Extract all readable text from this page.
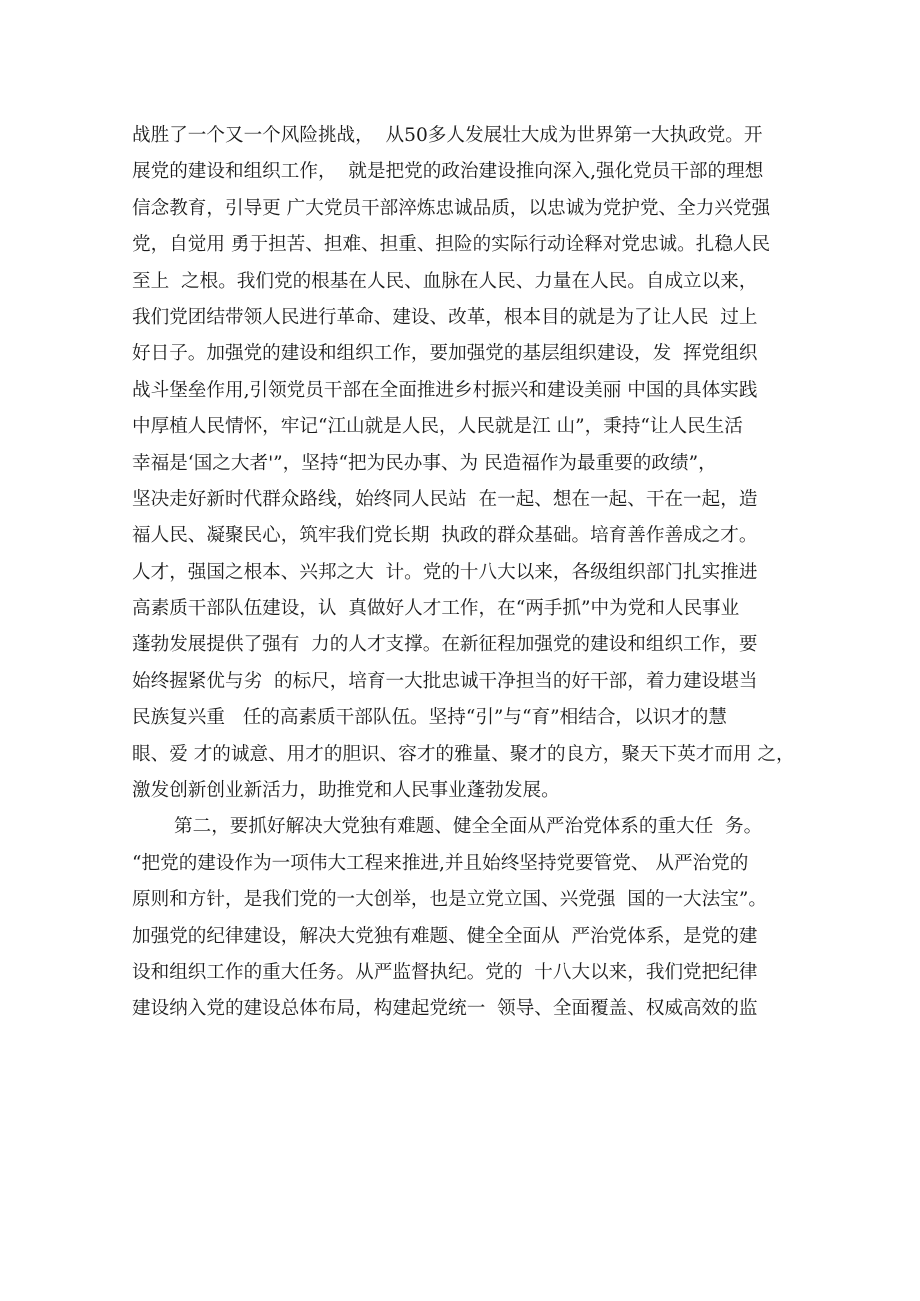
战胜了一个又一个风险挑战，  从50多人发展壮大成为世界第一大执政党。开
展党的建设和组织工作，  就是把党的政治建设推向深入,强化党员干部的理想
信念教育，引导更 广大党员干部淬炼忠诚品质，以忠诚为党护党、全力兴党强
党，自觉用 勇于担苦、担难、担重、担险的实际行动诠释对党忠诚。扎稳人民
至上  之根。我们党的根基在人民、血脉在人民、力量在人民。自成立以来，
我们党团结带领人民进行革命、建设、改革，根本目的就是为了让人民  过上
好日子。加强党的建设和组织工作，要加强党的基层组织建设，发  挥党组织
战斗堡垒作用,引领党员干部在全面推进乡村振兴和建设美丽 中国的具体实践
中厚植人民情怀，牢记“江山就是人民，人民就是江 山”，秉持“让人民生活
幸福是‘国之大者'”，坚持“把为民办事、为 民造福作为最重要的政绩”，
坚决走好新时代群众路线，始终同人民站  在一起、想在一起、干在一起，造
福人民、凝聚民心，筑牢我们党长期  执政的群众基础。培育善作善成之才。
人才，强国之根本、兴邦之大  计。党的十八大以来，各级组织部门扎实推进
高素质干部队伍建设，认  真做好人才工作，在“两手抓”中为党和人民事业
蓬勃发展提供了强有  力的人才支撑。在新征程加强党的建设和组织工作，要
始终握紧优与劣  的标尺，培育一大批忠诚干净担当的好干部，着力建设堪当
民族复兴重   任的高素质干部队伍。坚持“引”与“育”相结合，以识才的慧
眼、爱 才的诚意、用才的胆识、容才的雅量、聚才的良方，聚天下英才而用 之，
激发创新创业新活力，助推党和人民事业蓬勃发展。
第二，要抓好解决大党独有难题、健全全面从严治党体系的重大任  务。
“把党的建设作为一项伟大工程来推进,并且始终坚持党要管党、 从严治党的
原则和方针，是我们党的一大创举，也是立党立国、兴党强  国的一大法宝”。
加强党的纪律建设，解决大党独有难题、健全全面从  严治党体系，是党的建
设和组织工作的重大任务。从严监督执纪。党的  十八大以来，我们党把纪律
建设纳入党的建设总体布局，构建起党统一  领导、全面覆盖、权威高效的监
